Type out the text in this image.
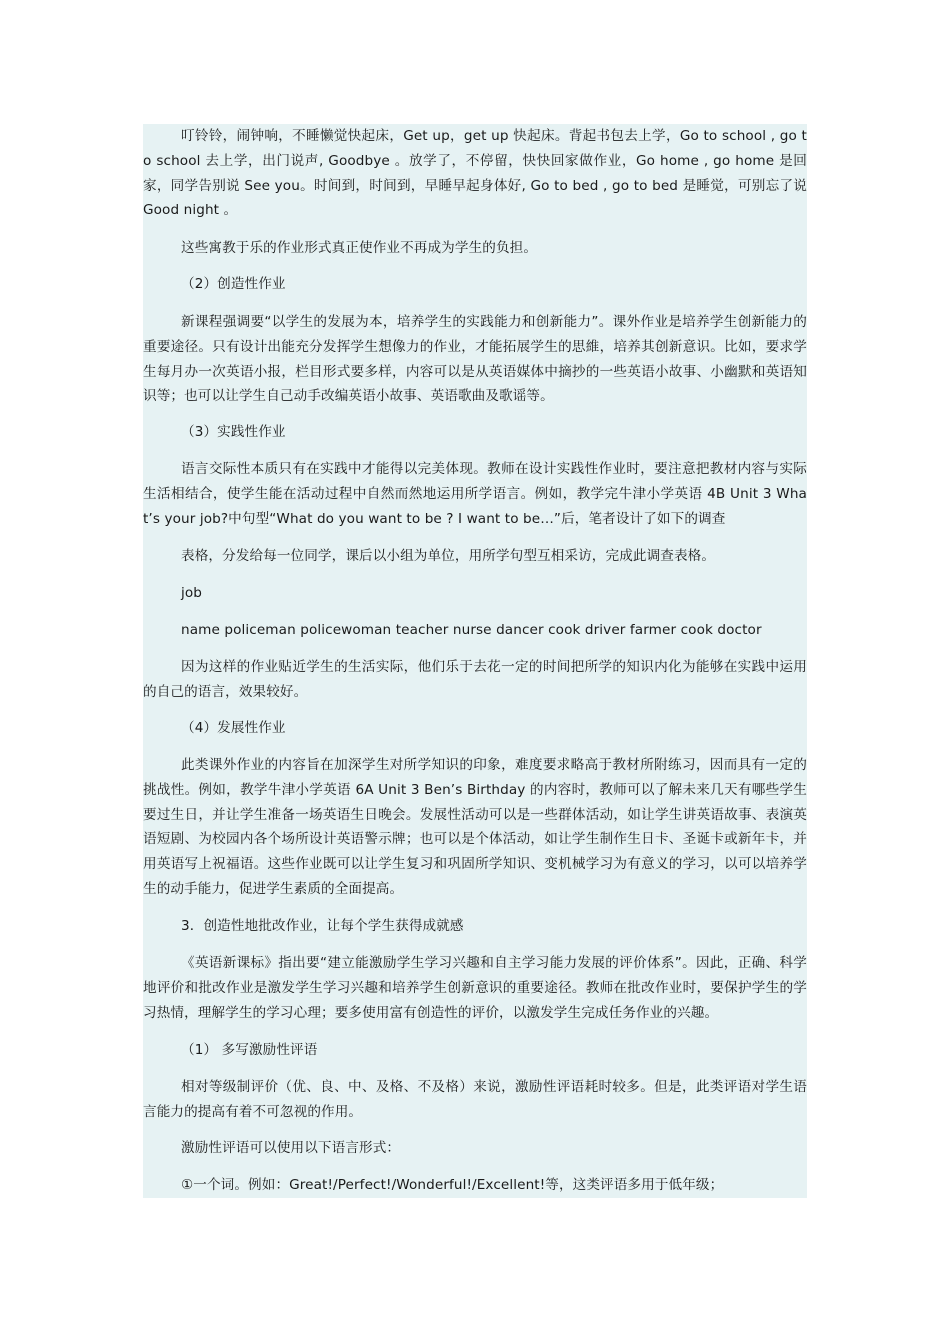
叮铃铃，闹钟响，不睡懒觉快起床，Get up，get up 快起床。背起书包去上学，Go to school , go to school 去上学，出门说声, Goodbye 。放学了，不停留，快快回家做作业，Go home , go home 是回家，同学告别说 See you。时间到，时间到，早睡早起身体好, Go to bed , go to bed 是睡觉，可别忘了说 Good night 。

这些寓教于乐的作业形式真正使作业不再成为学生的负担。

（2）创造性作业

新课程强调要“以学生的发展为本，培养学生的实践能力和创新能力”。课外作业是培养学生创新能力的重要途径。只有设计出能充分发挥学生想像力的作业，才能拓展学生的思維，培养其创新意识。比如，要求学生每月办一次英语小报，栏目形式要多样，内容可以是从英语媒体中摘抄的一些英语小故事、小幽默和英语知识等；也可以让学生自己动手改编英语小故事、英语歌曲及歌谣等。

（3）实践性作业

语言交际性本质只有在实践中才能得以完美体现。教师在设计实践性作业时，要注意把教材内容与实际生活相结合，使学生能在活动过程中自然而然地运用所学语言。例如，教学完牛津小学英语 4B Unit 3 What’s your job?中句型“What do you want to be ? I want to be…”后，笔者设计了如下的调查

表格，分发给每一位同学，课后以小组为单位，用所学句型互相采访，完成此调查表格。

job

name policeman policewoman teacher nurse dancer cook driver farmer cook doctor

因为这样的作业贴近学生的生活实际，他们乐于去花一定的时间把所学的知识内化为能够在实践中运用的自己的语言，效果较好。

（4）发展性作业

此类课外作业的内容旨在加深学生对所学知识的印象，难度要求略高于教材所附练习，因而具有一定的挑战性。例如，教学牛津小学英语 6A Unit 3 Ben’s Birthday 的内容时，教师可以了解未来几天有哪些学生要过生日，并让学生准备一场英语生日晚会。发展性活动可以是一些群体活动，如让学生讲英语故事、表演英语短剧、为校园内各个场所设计英语警示牌；也可以是个体活动，如让学生制作生日卡、圣诞卡或新年卡，并用英语写上祝福语。这些作业既可以让学生复习和巩固所学知识、变机械学习为有意义的学习，以可以培养学生的动手能力，促进学生素质的全面提高。

3．创造性地批改作业，让每个学生获得成就感

《英语新课标》指出要“建立能激励学生学习兴趣和自主学习能力发展的评价体系”。因此，正确、科学地评价和批改作业是激发学生学习兴趣和培养学生创新意识的重要途径。教师在批改作业时，要保护学生的学习热情，理解学生的学习心理；要多使用富有创造性的评价，以激发学生完成任务作业的兴趣。

（1） 多写激励性评语

相对等级制评价（优、良、中、及格、不及格）来说，激励性评语耗时较多。但是，此类评语对学生语言能力的提高有着不可忽视的作用。

激励性评语可以使用以下语言形式：

①一个词。例如：Great!/Perfect!/Wonderful!/Excellent!等，这类评语多用于低年级；
